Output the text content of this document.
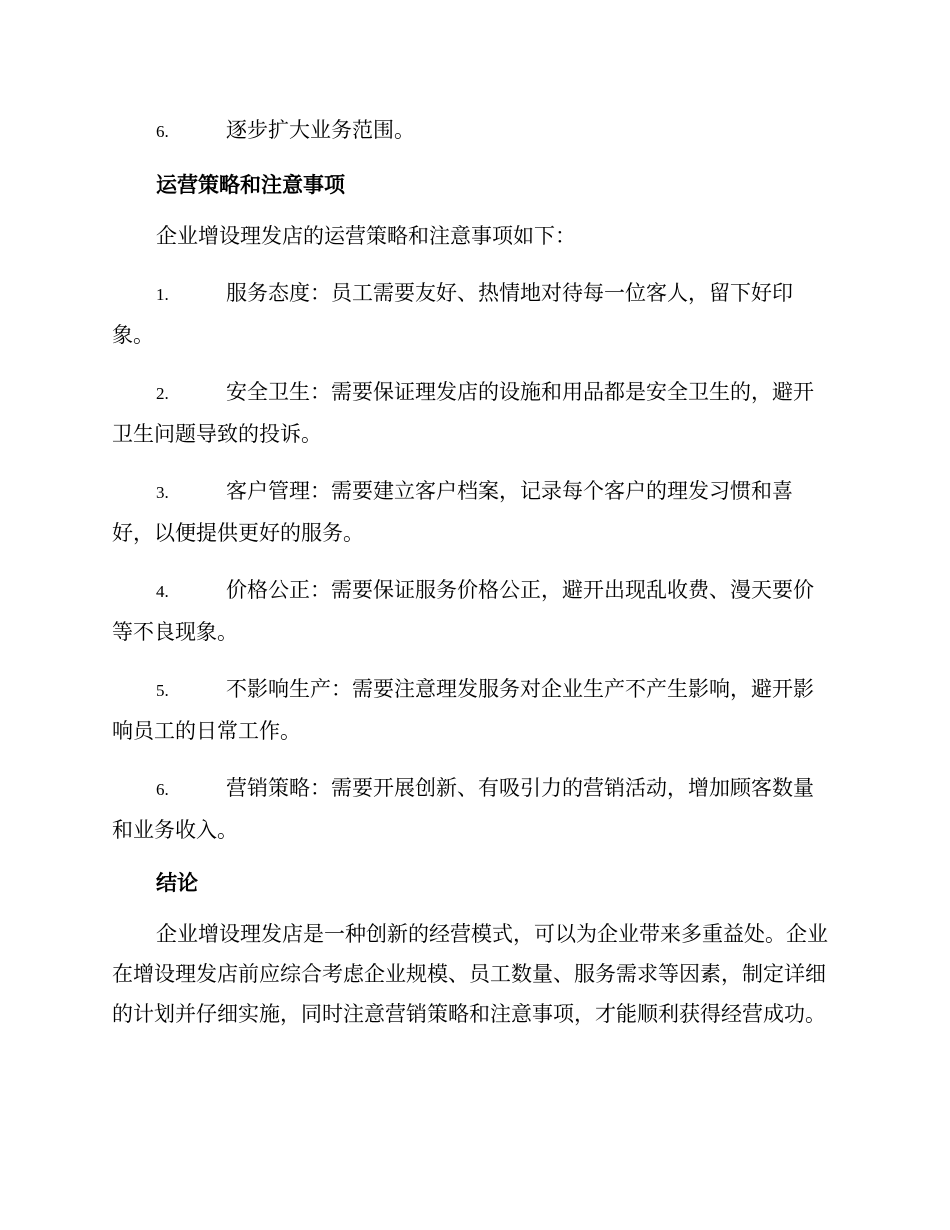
6.	逐步扩大业务范围。

运营策略和注意事项

企业增设理发店的运营策略和注意事项如下：

1.	服务态度：员工需要友好、热情地对待每一位客人，留下好印象。

2.	安全卫生：需要保证理发店的设施和用品都是安全卫生的，避开卫生问题导致的投诉。

3.	客户管理：需要建立客户档案，记录每个客户的理发习惯和喜好，以便提供更好的服务。

4.	价格公正：需要保证服务价格公正，避开出现乱收费、漫天要价等不良现象。

5.	不影响生产：需要注意理发服务对企业生产不产生影响，避开影响员工的日常工作。

6.	营销策略：需要开展创新、有吸引力的营销活动，增加顾客数量和业务收入。

结论

企业增设理发店是一种创新的经营模式，可以为企业带来多重益处。企业在增设理发店前应综合考虑企业规模、员工数量、服务需求等因素，制定详细的计划并仔细实施，同时注意营销策略和注意事项，才能顺利获得经营成功。
